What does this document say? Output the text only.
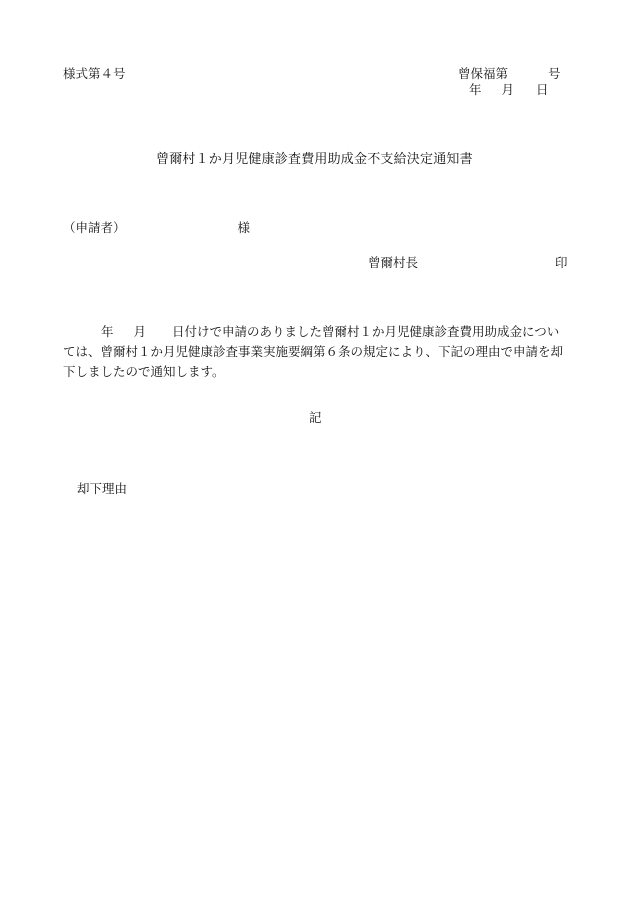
様式第４号	曾保福第	号
年 月 日
曾爾村１か月児健康診査費用助成金不支給決定通知書
（申請者）	様
曾爾村長	印
年 月 日付けで申請のありました曾爾村１か月児健康診査費用助成金については、曾爾村１か月児健康診査事業実施要綱第６条の規定により、下記の理由で申請を却下しましたので通知します。
記
却下理由
